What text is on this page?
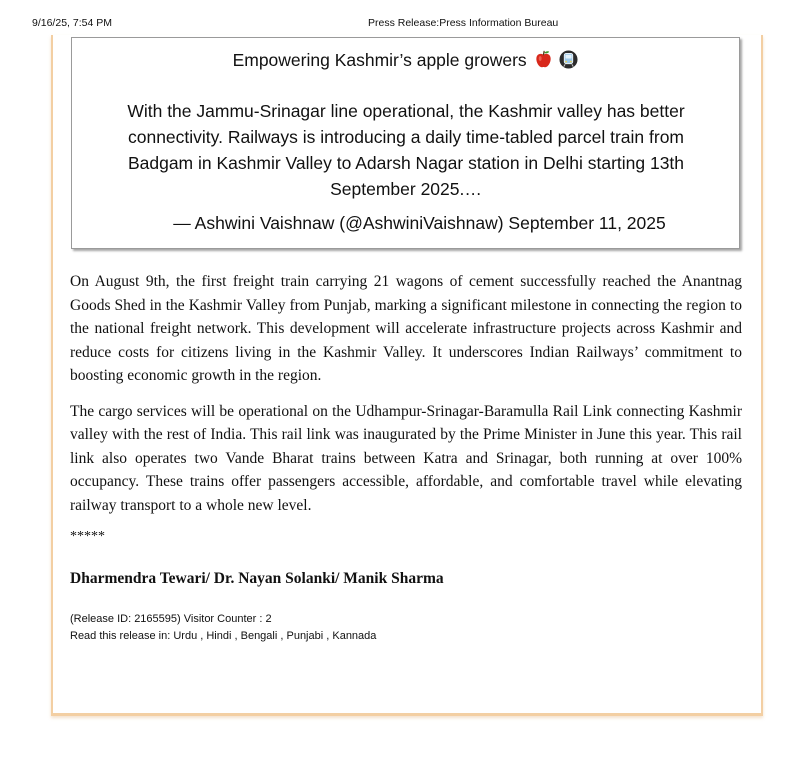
9/16/25, 7:54 PM	Press Release:Press Information Bureau
Empowering Kashmir’s apple growers
With the Jammu-Srinagar line operational, the Kashmir valley has better connectivity. Railways is introducing a daily time-tabled parcel train from Badgam in Kashmir Valley to Adarsh Nagar station in Delhi starting 13th September 2025.…
— Ashwini Vaishnaw (@AshwiniVaishnaw) September 11, 2025

On August 9th, the first freight train carrying 21 wagons of cement successfully reached the Anantnag Goods Shed in the Kashmir Valley from Punjab, marking a significant milestone in connecting the region to the national freight network. This development will accelerate infrastructure projects across Kashmir and reduce costs for citizens living in the Kashmir Valley. It underscores Indian Railways’ commitment to boosting economic growth in the region.

The cargo services will be operational on the Udhampur-Srinagar-Baramulla Rail Link connecting Kashmir valley with the rest of India. This rail link was inaugurated by the Prime Minister in June this year. This rail link also operates two Vande Bharat trains between Katra and Srinagar, both running at over 100% occupancy. These trains offer passengers accessible, affordable, and comfortable travel while elevating railway transport to a whole new level.

*****

Dharmendra Tewari/ Dr. Nayan Solanki/ Manik Sharma
(Release ID: 2165595) Visitor Counter : 2
Read this release in: Urdu , Hindi , Bengali , Punjabi , Kannada
